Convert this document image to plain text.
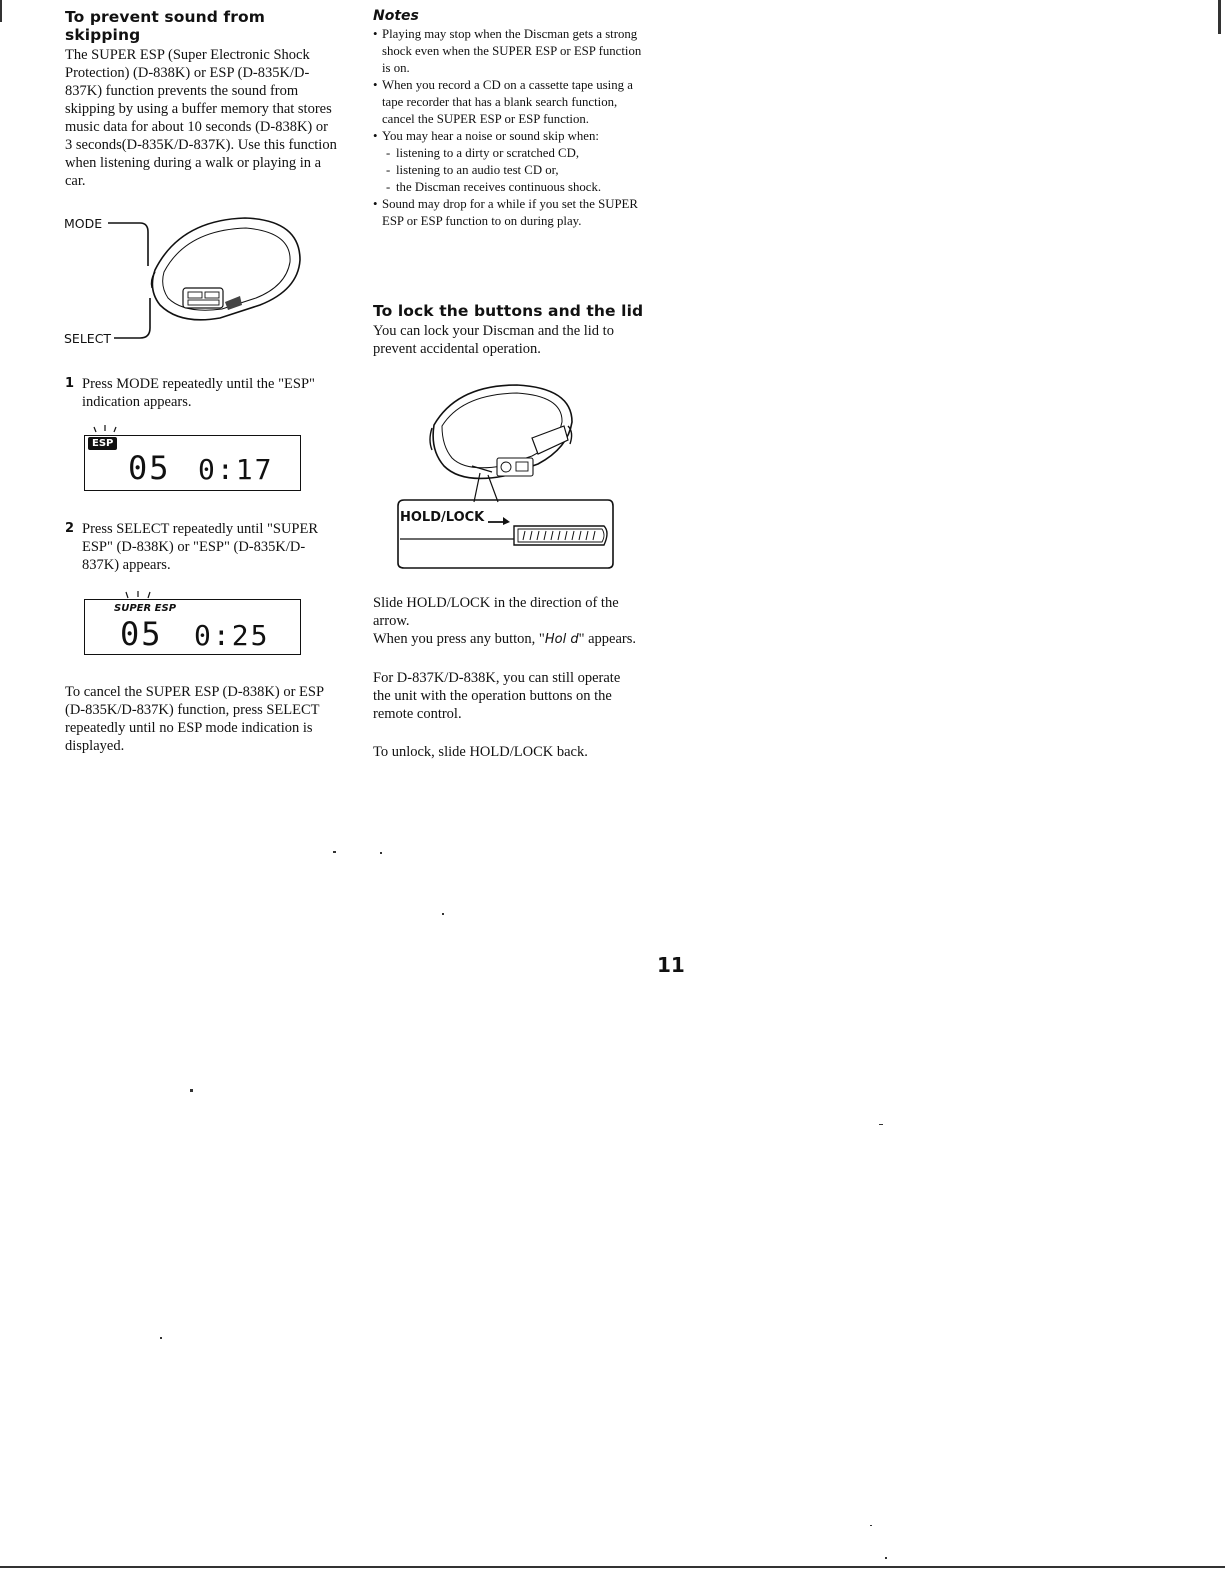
To prevent sound from skipping

The SUPER ESP (Super Electronic Shock Protection) (D-838K) or ESP (D-835K/D-837K) function prevents the sound from skipping by using a buffer memory that stores music data for about 10 seconds (D-838K) or 3 seconds(D-835K/D-837K). Use this function when listening during a walk or playing in a car.

MODE
SELECT
1 Press MODE repeatedly until the "ESP" indication appears.
ESP
05 0:17
2 Press SELECT repeatedly until "SUPER ESP" (D-838K) or "ESP" (D-835K/D-837K) appears.
SUPER ESP
05 0:25

To cancel the SUPER ESP (D-838K) or ESP (D-835K/D-837K) function, press SELECT repeatedly until no ESP mode indication is displayed.

Notes
• Playing may stop when the Discman gets a strong shock even when the SUPER ESP or ESP function is on.
• When you record a CD on a cassette tape using a tape recorder that has a blank search function, cancel the SUPER ESP or ESP function.
• You may hear a noise or sound skip when:
- listening to a dirty or scratched CD,
- listening to an audio test CD or,
- the Discman receives continuous shock.
• Sound may drop for a while if you set the SUPER ESP or ESP function to on during play.
To lock the buttons and the lid

You can lock your Discman and the lid to prevent accidental operation.

HOLD/LOCK

Slide HOLD/LOCK in the direction of the arrow.

When you press any button, "Hol d" appears.

For D-837K/D-838K, you can still operate the unit with the operation buttons on the remote control.

To unlock, slide HOLD/LOCK back.

11
